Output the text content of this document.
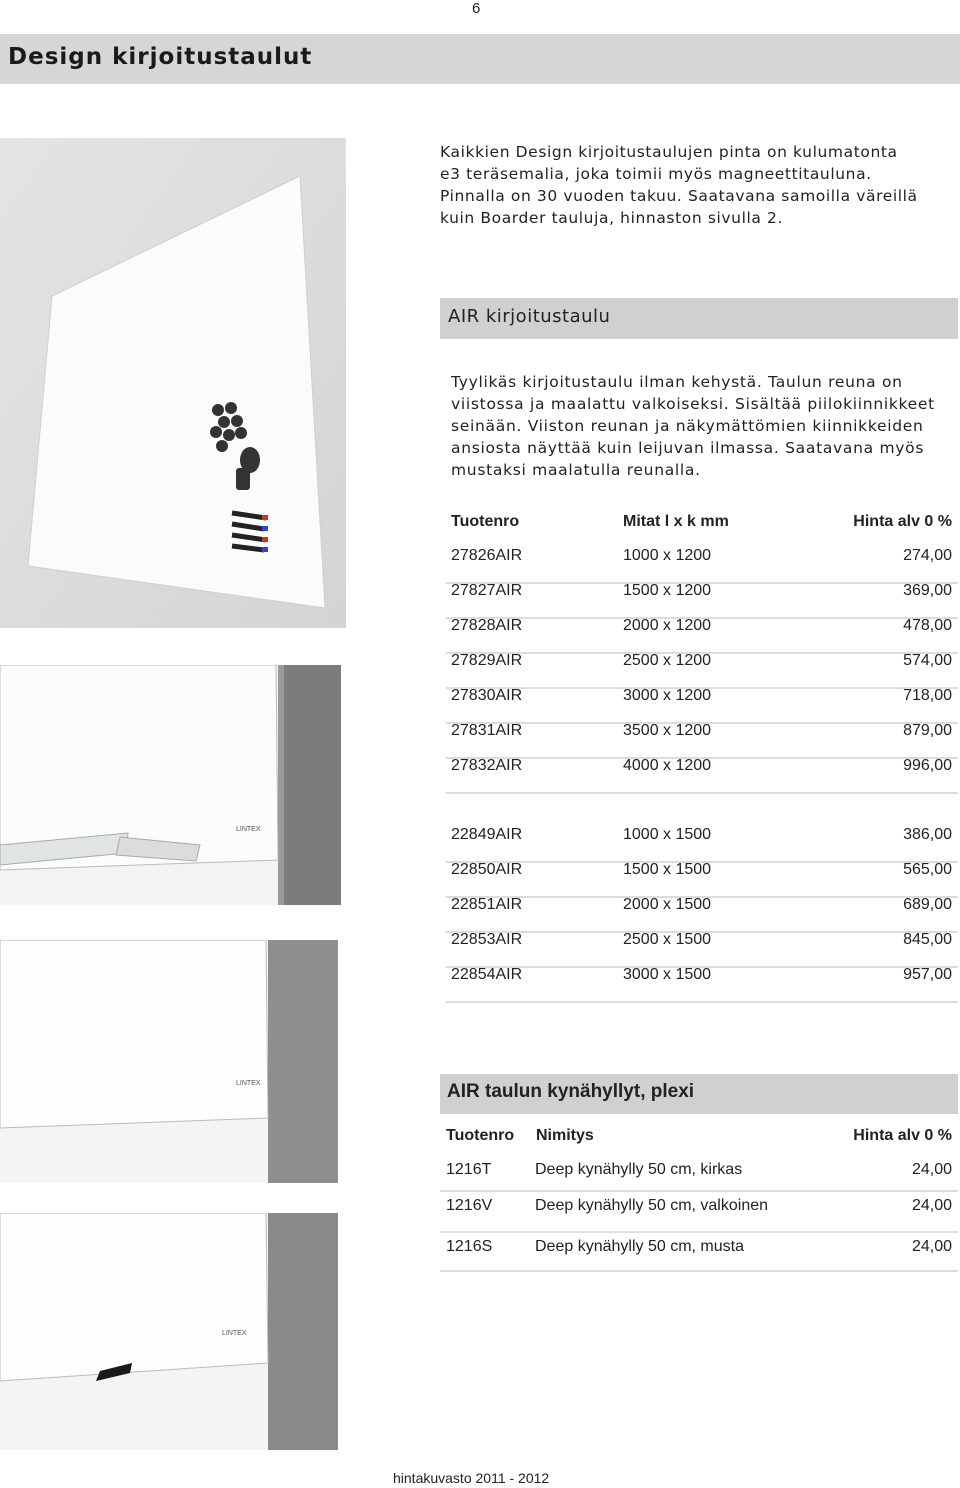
6
Design kirjoitustaulut
LINTEX
LINTEX
LINTEX
Kaikkien Design kirjoitustaulujen pinta on kulumatonta
e3 teräsemalia, joka toimii myös magneettitauluna.
Pinnalla on 30 vuoden takuu. Saatavana samoilla väreillä
kuin Boarder tauluja, hinnaston sivulla 2.
AIR kirjoitustaulu
Tyylikäs kirjoitustaulu ilman kehystä. Taulun reuna on
viistossa ja maalattu valkoiseksi. Sisältää piilokiinnikkeet
seinään. Viiston reunan ja näkymättömien kiinnikkeiden
ansiosta näyttää kuin leijuvan ilmassa. Saatavana myös
mustaksi maalatulla reunalla.
Tuotenro	Mitat l x k mm	Hinta alv 0 %
27826AIR	1000 x 1200	274,00
27827AIR	1500 x 1200	369,00
27828AIR	2000 x 1200	478,00
27829AIR	2500 x 1200	574,00
27830AIR	3000 x 1200	718,00
27831AIR	3500 x 1200	879,00
27832AIR	4000 x 1200	996,00
22849AIR	1000 x 1500	386,00
22850AIR	1500 x 1500	565,00
22851AIR	2000 x 1500	689,00
22853AIR	2500 x 1500	845,00
22854AIR	3000 x 1500	957,00
AIR taulun kynähyllyt, plexi
Tuotenro Nimitys	Hinta alv 0 %
1216T	Deep kynähylly 50 cm, kirkas	24,00
1216V	Deep kynähylly 50 cm, valkoinen	24,00
1216S	Deep kynähylly 50 cm, musta	24,00
hintakuvasto 2011 - 2012
